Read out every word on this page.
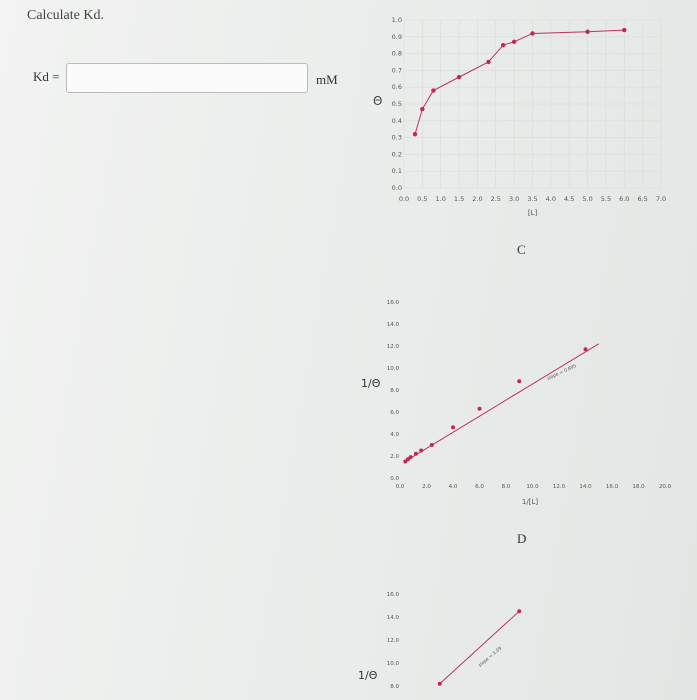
Calculate Kd.
Kd =	mM
Θ
1/Θ
1/Θ
C
D
0.0 0.5 1.0 1.5 2.0 2.5 3.0 3.5 4.0 4.5 5.0 5.5 6.0 6.5 7.0
0.0
0.1
0.2
0.3
0.4
0.5
0.6
0.7
0.8
0.9
1.0
[L]
0.0	2.0	4.0	6.0	8.0	10.0	12.0	14.0	16.0	18.0	20.0
0.0
2.0
4.0
6.0
8.0
10.0
12.0
14.0
16.0
1/[L]
slope = 0.895
8.0
10.0
12.0
14.0
16.0
slope = 1.09
